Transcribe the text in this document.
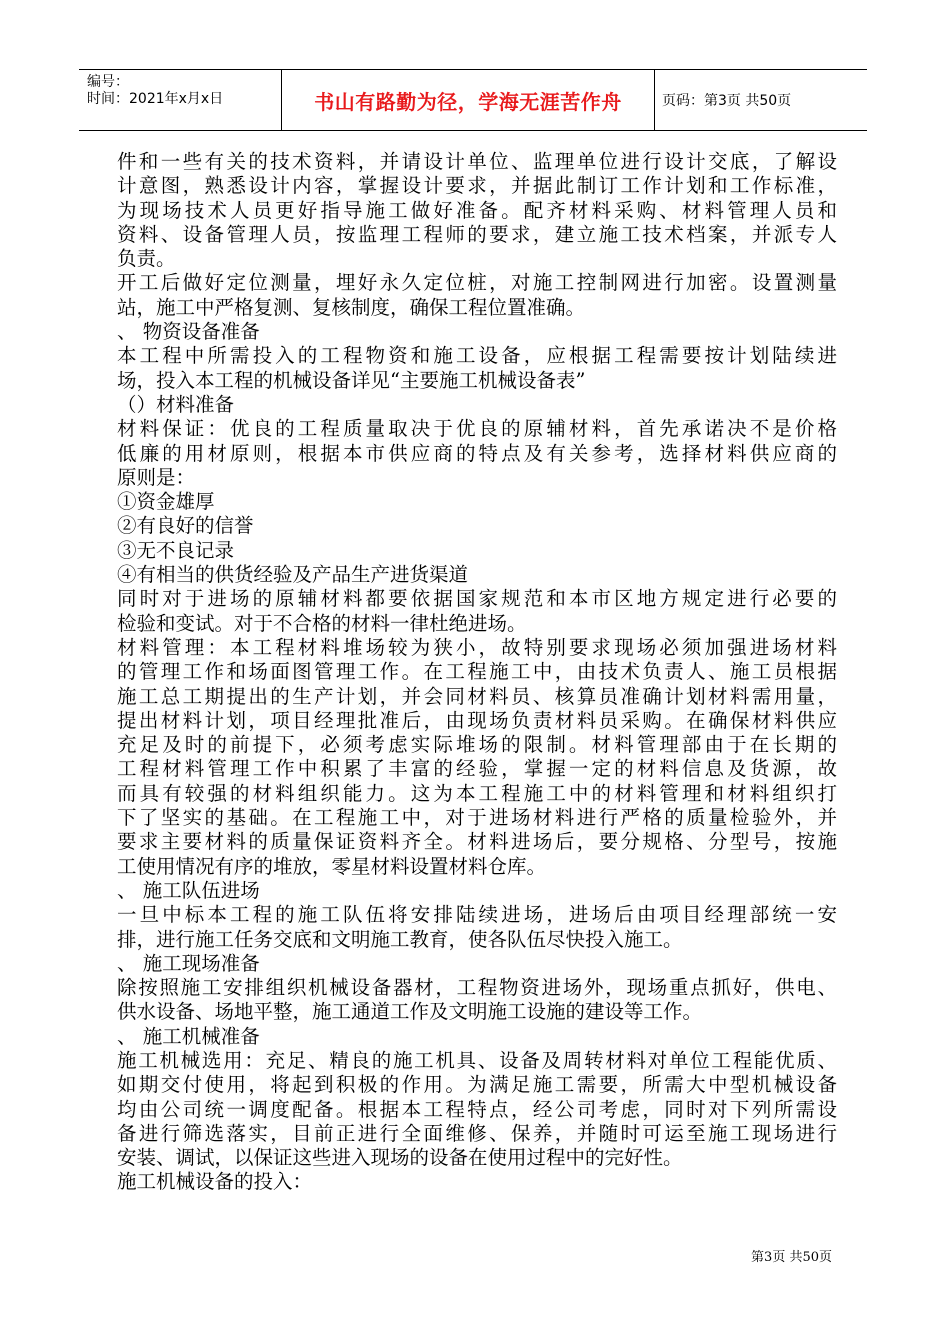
编号：
时间：2021年x月x日	书山有路勤为径，学海无涯苦作舟	页码：第3页 共50页
件和一些有关的技术资料，并请设计单位、监理单位进行设计交底，了解设
计意图，熟悉设计内容，掌握设计要求，并据此制订工作计划和工作标准，
为现场技术人员更好指导施工做好准备。配齐材料采购、材料管理人员和
资料、设备管理人员，按监理工程师的要求，建立施工技术档案，并派专人
负责。
开工后做好定位测量，埋好永久定位桩，对施工控制网进行加密。设置测量
站，施工中严格复测、复核制度，确保工程位置准确。
、 物资设备准备
本工程中所需投入的工程物资和施工设备，应根据工程需要按计划陆续进
场，投入本工程的机械设备详见“主要施工机械设备表”
（）材料准备
材料保证：优良的工程质量取决于优良的原辅材料，首先承诺决不是价格
低廉的用材原则，根据本市供应商的特点及有关参考，选择材料供应商的
原则是：
①资金雄厚
②有良好的信誉
③无不良记录
④有相当的供货经验及产品生产进货渠道
同时对于进场的原辅材料都要依据国家规范和本市区地方规定进行必要的
检验和变试。对于不合格的材料一律杜绝进场。
材料管理：本工程材料堆场较为狭小，故特别要求现场必须加强进场材料
的管理工作和场面图管理工作。在工程施工中，由技术负责人、施工员根据
施工总工期提出的生产计划，并会同材料员、核算员准确计划材料需用量，
提出材料计划，项目经理批准后，由现场负责材料员采购。在确保材料供应
充足及时的前提下，必须考虑实际堆场的限制。材料管理部由于在长期的
工程材料管理工作中积累了丰富的经验，掌握一定的材料信息及货源，故
而具有较强的材料组织能力。这为本工程施工中的材料管理和材料组织打
下了坚实的基础。在工程施工中，对于进场材料进行严格的质量检验外，并
要求主要材料的质量保证资料齐全。材料进场后，要分规格、分型号，按施
工使用情况有序的堆放，零星材料设置材料仓库。
、 施工队伍进场
一旦中标本工程的施工队伍将安排陆续进场，进场后由项目经理部统一安
排，进行施工任务交底和文明施工教育，使各队伍尽快投入施工。
、 施工现场准备
除按照施工安排组织机械设备器材，工程物资进场外，现场重点抓好，供电、
供水设备、场地平整，施工通道工作及文明施工设施的建设等工作。
、 施工机械准备
施工机械选用：充足、精良的施工机具、设备及周转材料对单位工程能优质、
如期交付使用，将起到积极的作用。为满足施工需要，所需大中型机械设备
均由公司统一调度配备。根据本工程特点，经公司考虑，同时对下列所需设
备进行筛选落实，目前正进行全面维修、保养，并随时可运至施工现场进行
安装、调试，以保证这些进入现场的设备在使用过程中的完好性。
施工机械设备的投入：
第3页 共50页
